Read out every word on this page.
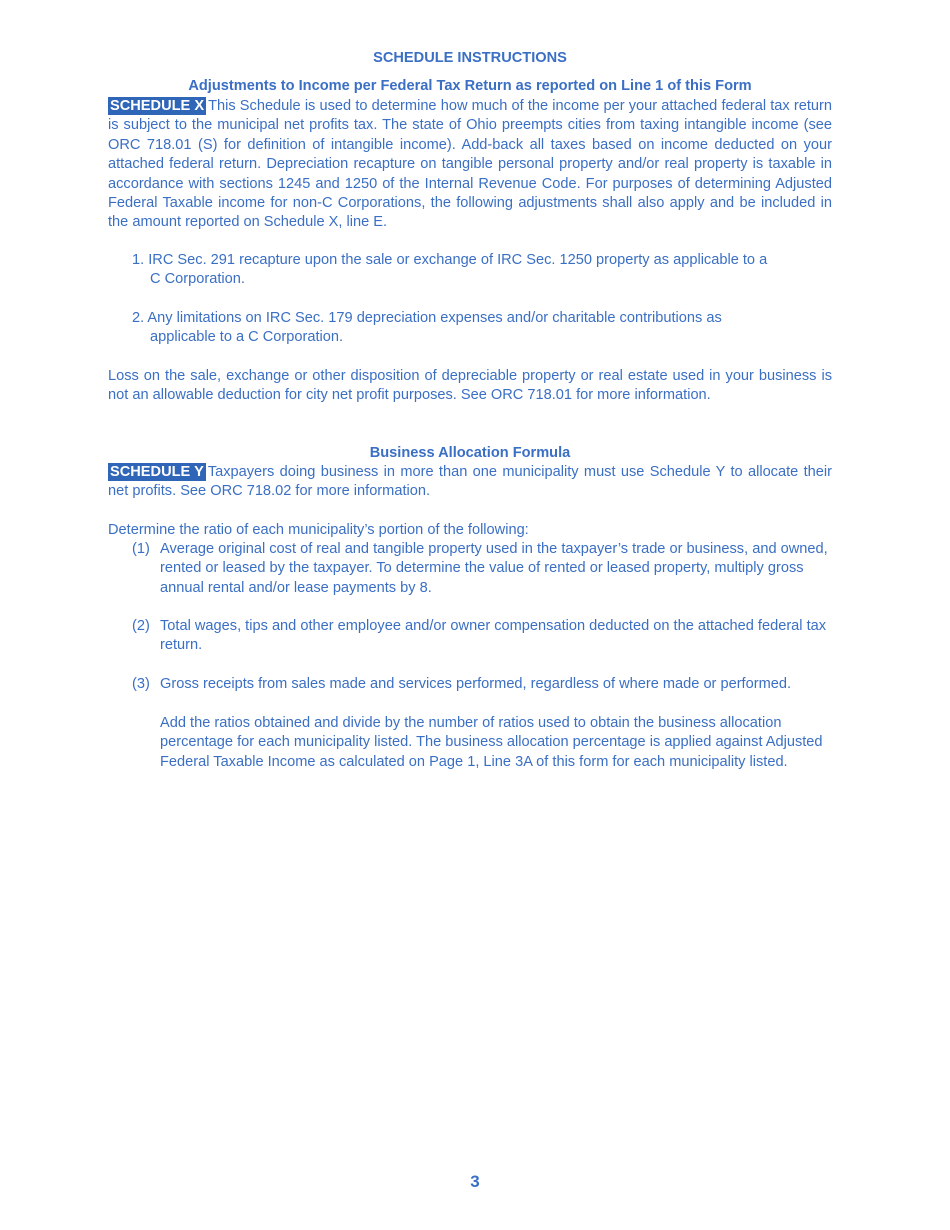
SCHEDULE INSTRUCTIONS
Adjustments to Income per Federal Tax Return as reported on Line 1 of this Form

SCHEDULE X This Schedule is used to determine how much of the income per your attached federal tax return is subject to the municipal net profits tax. The state of Ohio preempts cities from taxing intangible income (see ORC 718.01 (S) for definition of intangible income). Add-back all taxes based on income deducted on your attached federal return. Depreciation recapture on tangible personal property and/or real property is taxable in accordance with sections 1245 and 1250 of the Internal Revenue Code. For purposes of determining Adjusted Federal Taxable income for non-C Corporations, the following adjustments shall also apply and be included in the amount reported on Schedule X, line E.

1. IRC Sec. 291 recapture upon the sale or exchange of IRC Sec. 1250 property as applicable to a
C Corporation.
2. Any limitations on IRC Sec. 179 depreciation expenses and/or charitable contributions as
applicable to a C Corporation.

Loss on the sale, exchange or other disposition of depreciable property or real estate used in your business is not an allowable deduction for city net profit purposes. See ORC 718.01 for more information.

Business Allocation Formula

SCHEDULE Y Taxpayers doing business in more than one municipality must use Schedule Y to allocate their net profits. See ORC 718.02 for more information.

Determine the ratio of each municipality’s portion of the following:

(1) Average original cost of real and tangible property used in the taxpayer’s trade or business, and owned, rented or leased by the taxpayer. To determine the value of rented or leased property, multiply gross annual rental and/or lease payments by 8.
(2) Total wages, tips and other employee and/or owner compensation deducted on the attached federal tax return.
(3) Gross receipts from sales made and services performed, regardless of where made or performed.

Add the ratios obtained and divide by the number of ratios used to obtain the business allocation percentage for each municipality listed. The business allocation percentage is applied against Adjusted Federal Taxable Income as calculated on Page 1, Line 3A of this form for each municipality listed.

3
